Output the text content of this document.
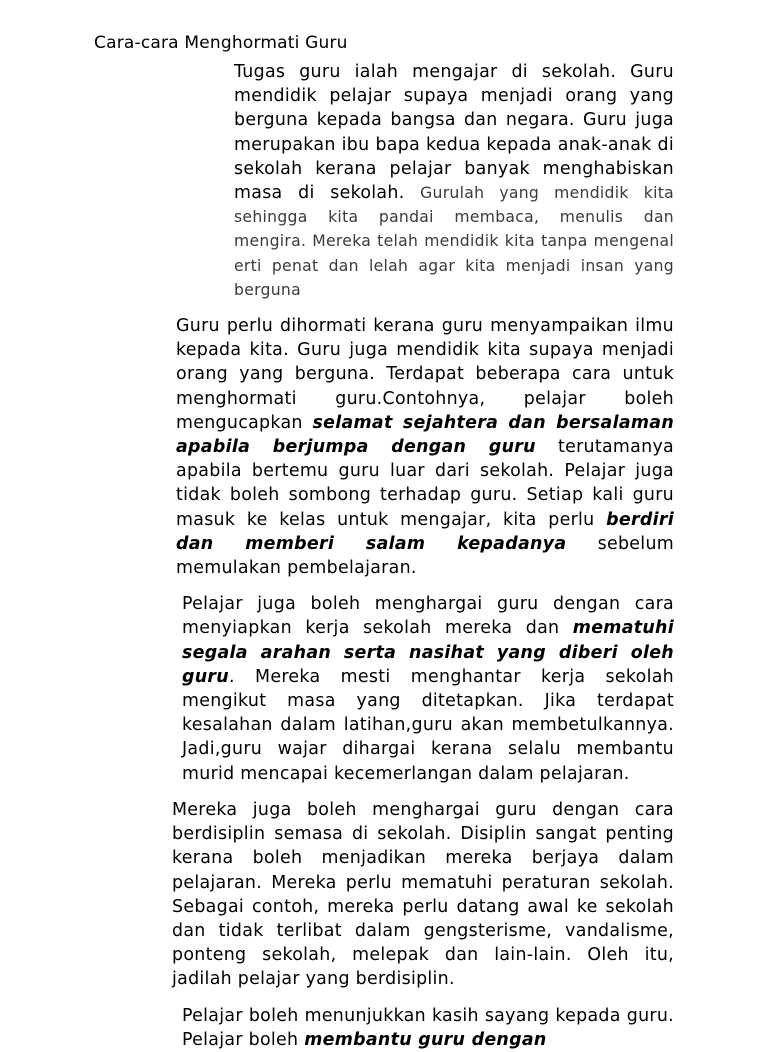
Cara-cara Menghormati Guru

Tugas guru ialah mengajar di sekolah. Guru mendidik pelajar supaya menjadi orang yang berguna kepada bangsa dan negara. Guru juga merupakan ibu bapa kedua kepada anak-anak di sekolah kerana pelajar banyak menghabiskan masa di sekolah. Gurulah yang mendidik kita sehingga kita pandai membaca, menulis dan mengira. Mereka telah mendidik kita tanpa mengenal erti penat dan lelah agar kita menjadi insan yang berguna

Guru perlu dihormati kerana guru menyampaikan ilmu kepada kita. Guru juga mendidik kita supaya menjadi orang yang berguna. Terdapat beberapa cara untuk menghormati guru.Contohnya, pelajar boleh mengucapkan selamat sejahtera dan bersalaman apabila berjumpa dengan guru terutamanya apabila bertemu guru luar dari sekolah. Pelajar juga tidak boleh sombong terhadap guru. Setiap kali guru masuk ke kelas untuk mengajar, kita perlu berdiri dan memberi salam kepadanya sebelum memulakan pembelajaran.

Pelajar juga boleh menghargai guru dengan cara menyiapkan kerja sekolah mereka dan mematuhi segala arahan serta nasihat yang diberi oleh guru. Mereka mesti menghantar kerja sekolah mengikut masa yang ditetapkan. Jika terdapat kesalahan dalam latihan,guru akan membetulkannya. Jadi,guru wajar dihargai kerana selalu membantu murid mencapai kecemerlangan dalam pelajaran.

Mereka juga boleh menghargai guru dengan cara berdisiplin semasa di sekolah. Disiplin sangat penting kerana boleh menjadikan mereka berjaya dalam pelajaran. Mereka perlu mematuhi peraturan sekolah. Sebagai contoh, mereka perlu datang awal ke sekolah dan tidak terlibat dalam gengsterisme, vandalisme, ponteng sekolah, melepak dan lain-lain. Oleh itu, jadilah pelajar yang berdisiplin.

Pelajar boleh menunjukkan kasih sayang kepada guru. Pelajar boleh membantu guru dengan
